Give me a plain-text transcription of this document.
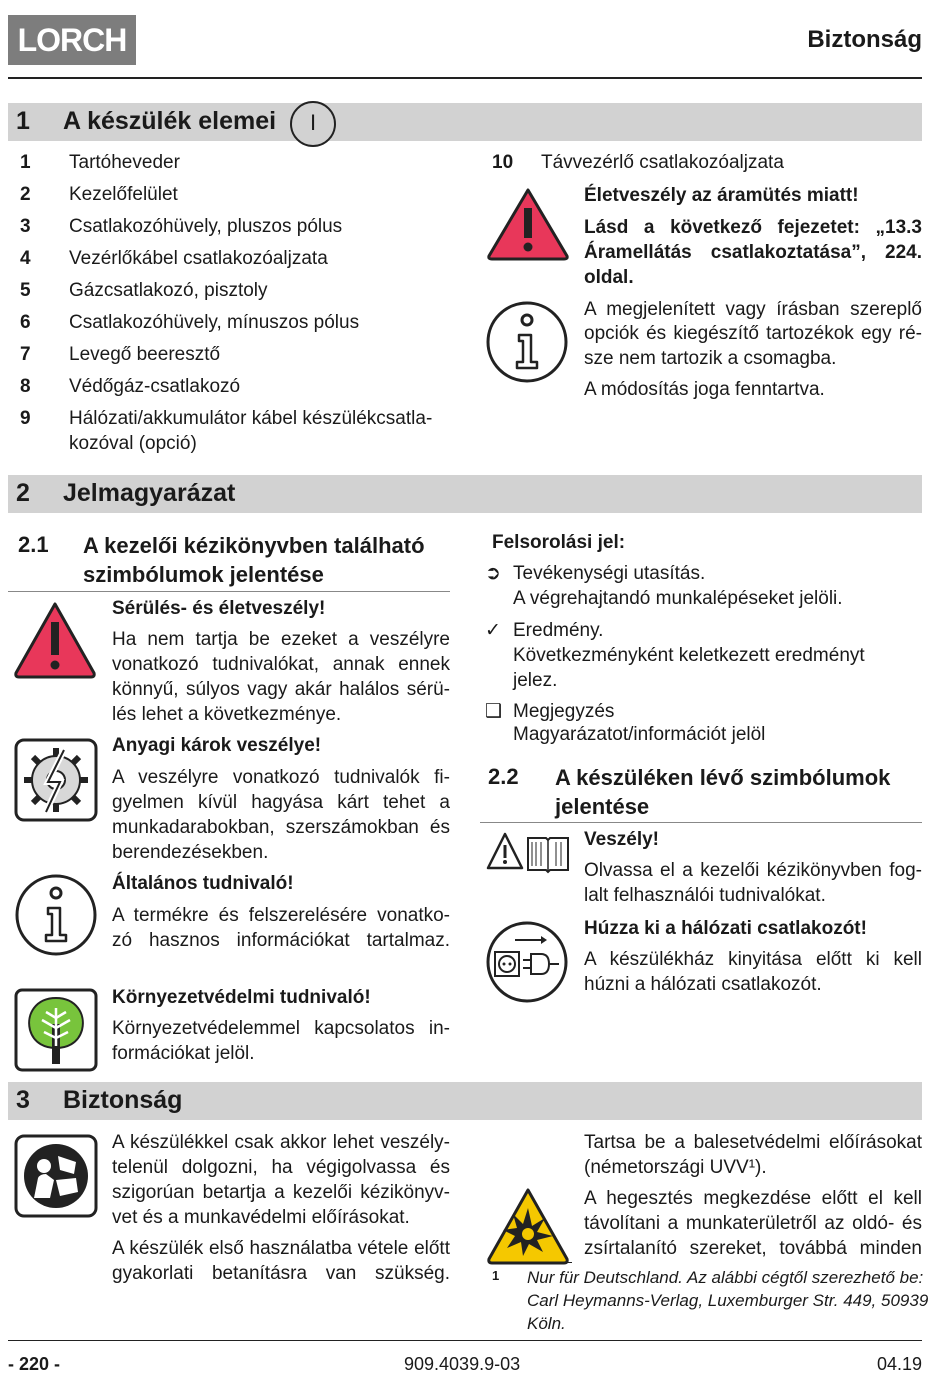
LORCH	Biztonság
1 A készülék elemei	I
1	Tartóheveder
2	Kezelőfelület
3	Csatlakozóhüvely, pluszos pólus
4	Vezérlőkábel csatlakozóaljzata
5	Gázcsatlakozó, pisztoly
6	Csatlakozóhüvely, mínuszos pólus
7	Levegő beeresztő
8	Védőgáz-csatlakozó
9	Hálózati/akkumulátor kábel készülékcsatla-
kozóval (opció)
10	Távvezérlő csatlakozóaljzata
Életveszély az áramütés miatt!
Lásd a következő fejezetet: „13.3
Áramellátás csatlakoztatása”, 224.
oldal.
A megjelenített vagy írásban szereplő
opciók és kiegészítő tartozékok egy ré-
sze nem tartozik a csomagba.
A módosítás joga fenntartva.
2 Jelmagyarázat
2.1 A kezelői kézikönyvben található
szimbólumok jelentése
Sérülés- és életveszély!
Ha nem tartja be ezeket a veszélyre
vonatkozó tudnivalókat, annak ennek
könnyű, súlyos vagy akár halálos sérü-
lés lehet a következménye.
Anyagi károk veszélye!
A veszélyre vonatkozó tudnivalók fi-
gyelmen kívül hagyása kárt tehet a
munkadarabokban, szerszámokban és
berendezésekben.
Általános tudnivaló!
A termékre és felszerelésére vonatko-
zó hasznos információkat tartalmaz.
Környezetvédelmi tudnivaló!
Környezetvédelemmel kapcsolatos in-
formációkat jelöl.
Felsorolási jel:
➲ Tevékenységi utasítás.
A végrehajtandó munkalépéseket jelöli.
✓ Eredmény.
Következményként keletkezett eredményt
jelez.
❑ Megjegyzés
Magyarázatot/információt jelöl
2.2 A készüléken lévő szimbólumok
jelentése
Veszély!
Olvassa el a kezelői kézikönyvben fog-
lalt felhasználói tudnivalókat.
Húzza ki a hálózati csatlakozót!
A készülékház kinyitása előtt ki kell
húzni a hálózati csatlakozót.
3 Biztonság
A készülékkel csak akkor lehet veszély-
telenül dolgozni, ha végigolvassa és
szigorúan betartja a kezelői kézikönyv-
vet és a munkavédelmi előírásokat.
A készülék első használatba vétele előtt
gyakorlati betanításra van szükség.
Tartsa be a balesetvédelmi előírásokat
(németországi UVV¹).
A hegesztés megkezdése előtt el kell
távolítani a munkaterületről az oldó- és
zsírtalanító szereket, továbbá minden
1 Nur für Deutschland. Az alábbi cégtől szerezhető be:
Carl Heymanns-Verlag, Luxemburger Str. 449, 50939
Köln.
- 220 -	909.4039.9-03	04.19
